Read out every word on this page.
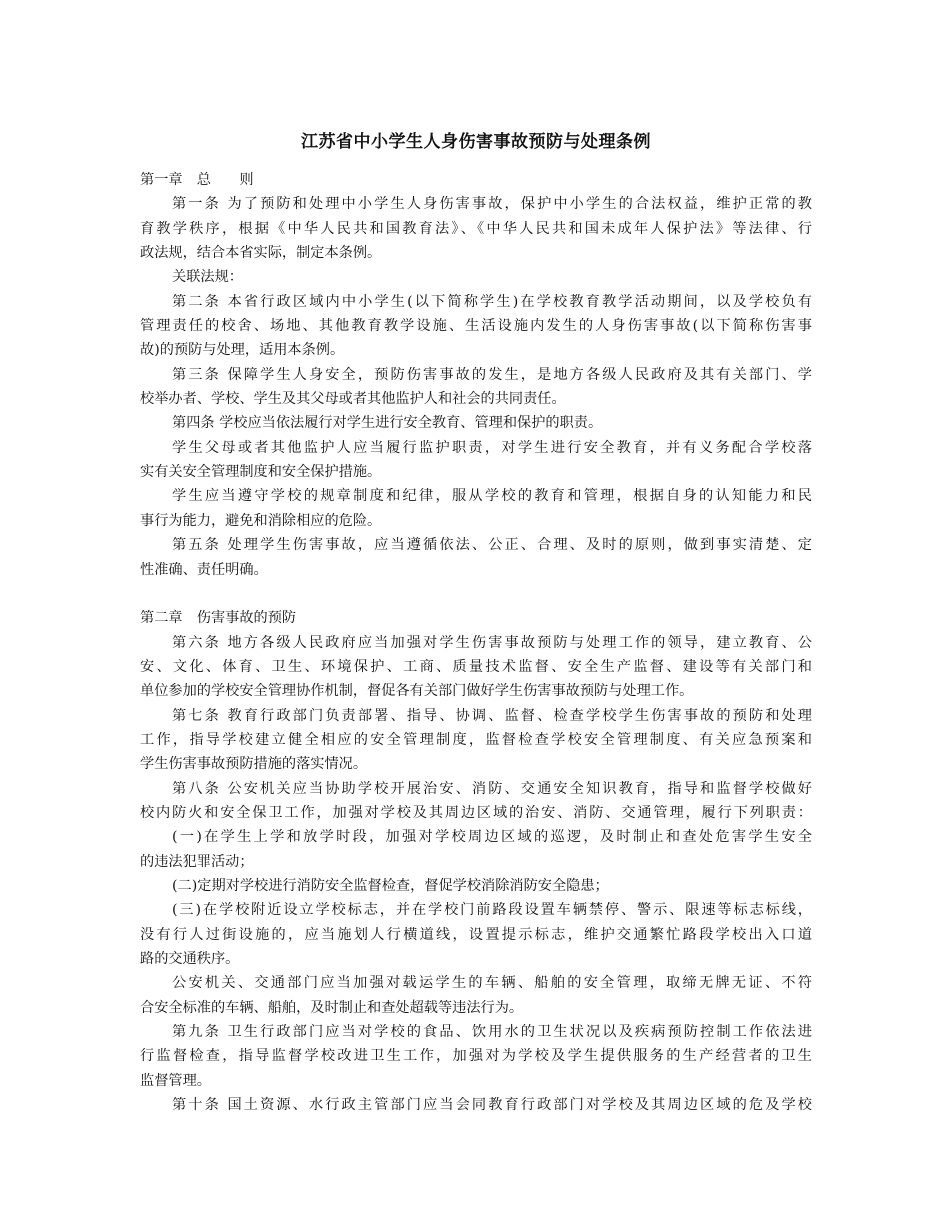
江苏省中小学生人身伤害事故预防与处理条例
第一章　总　　则
第一条 为了预防和处理中小学生人身伤害事故，保护中小学生的合法权益，维护正常的教
育教学秩序，根据《中华人民共和国教育法》、《中华人民共和国未成年人保护法》等法律、行
政法规，结合本省实际，制定本条例。
关联法规：
第二条 本省行政区域内中小学生(以下简称学生)在学校教育教学活动期间，以及学校负有
管理责任的校舍、场地、其他教育教学设施、生活设施内发生的人身伤害事故(以下简称伤害事
故)的预防与处理，适用本条例。
第三条 保障学生人身安全，预防伤害事故的发生，是地方各级人民政府及其有关部门、学
校举办者、学校、学生及其父母或者其他监护人和社会的共同责任。
第四条 学校应当依法履行对学生进行安全教育、管理和保护的职责。
学生父母或者其他监护人应当履行监护职责，对学生进行安全教育，并有义务配合学校落
实有关安全管理制度和安全保护措施。
学生应当遵守学校的规章制度和纪律，服从学校的教育和管理，根据自身的认知能力和民
事行为能力，避免和消除相应的危险。
第五条 处理学生伤害事故，应当遵循依法、公正、合理、及时的原则，做到事实清楚、定
性准确、责任明确。
第二章　伤害事故的预防
第六条 地方各级人民政府应当加强对学生伤害事故预防与处理工作的领导，建立教育、公
安、文化、体育、卫生、环境保护、工商、质量技术监督、安全生产监督、建设等有关部门和
单位参加的学校安全管理协作机制，督促各有关部门做好学生伤害事故预防与处理工作。
第七条 教育行政部门负责部署、指导、协调、监督、检查学校学生伤害事故的预防和处理
工作，指导学校建立健全相应的安全管理制度，监督检查学校安全管理制度、有关应急预案和
学生伤害事故预防措施的落实情况。
第八条 公安机关应当协助学校开展治安、消防、交通安全知识教育，指导和监督学校做好
校内防火和安全保卫工作，加强对学校及其周边区域的治安、消防、交通管理，履行下列职责：
(一)在学生上学和放学时段，加强对学校周边区域的巡逻，及时制止和查处危害学生安全
的违法犯罪活动；
(二)定期对学校进行消防安全监督检查，督促学校消除消防安全隐患；
(三)在学校附近设立学校标志，并在学校门前路段设置车辆禁停、警示、限速等标志标线，
没有行人过街设施的，应当施划人行横道线，设置提示标志，维护交通繁忙路段学校出入口道
路的交通秩序。
公安机关、交通部门应当加强对载运学生的车辆、船舶的安全管理，取缔无牌无证、不符
合安全标准的车辆、船舶，及时制止和查处超载等违法行为。
第九条 卫生行政部门应当对学校的食品、饮用水的卫生状况以及疾病预防控制工作依法进
行监督检查，指导监督学校改进卫生工作，加强对为学校及学生提供服务的生产经营者的卫生
监督管理。
第十条 国土资源、水行政主管部门应当会同教育行政部门对学校及其周边区域的危及学校
